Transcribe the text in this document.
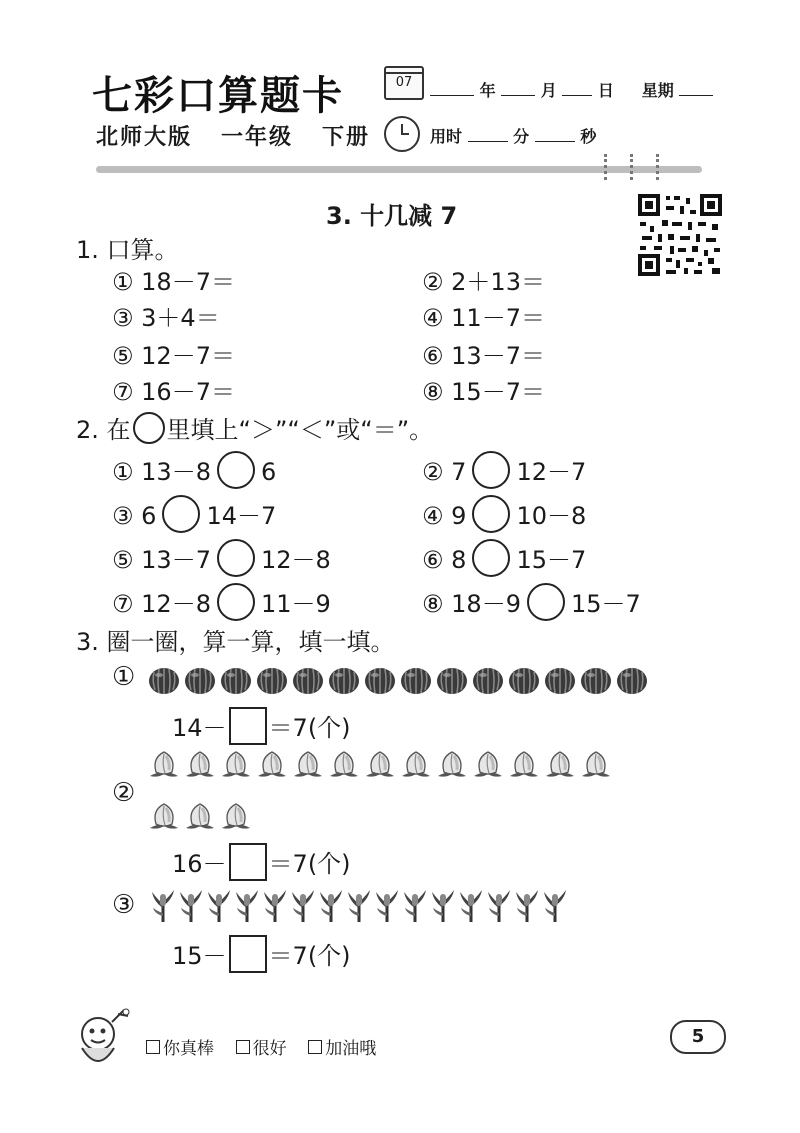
七彩口算题卡	07	年	月	日 星期
北师大版 一年级 下册	用时	分	秒
3. 十几减 7
1. 口算。
① 18－7＝	② 2＋13＝
③ 3＋4＝	④ 11－7＝
⑤ 12－7＝	⑥ 13－7＝
⑦ 16－7＝	⑧ 15－7＝
2. 在 里填上“＞”“＜”或“＝”。
① 13－8 6	② 7 12－7
③ 6 14－7	④ 9 10－8
⑤ 13－7 12－8	⑥ 8 15－7
⑦ 12－8 11－9	⑧ 18－9 15－7
3. 圈一圈，算一算，填一填。
①
14－ ＝7(个)
②
16－ ＝7(个)
③
15－ ＝7(个)
你真棒 很好 加油哦
5
